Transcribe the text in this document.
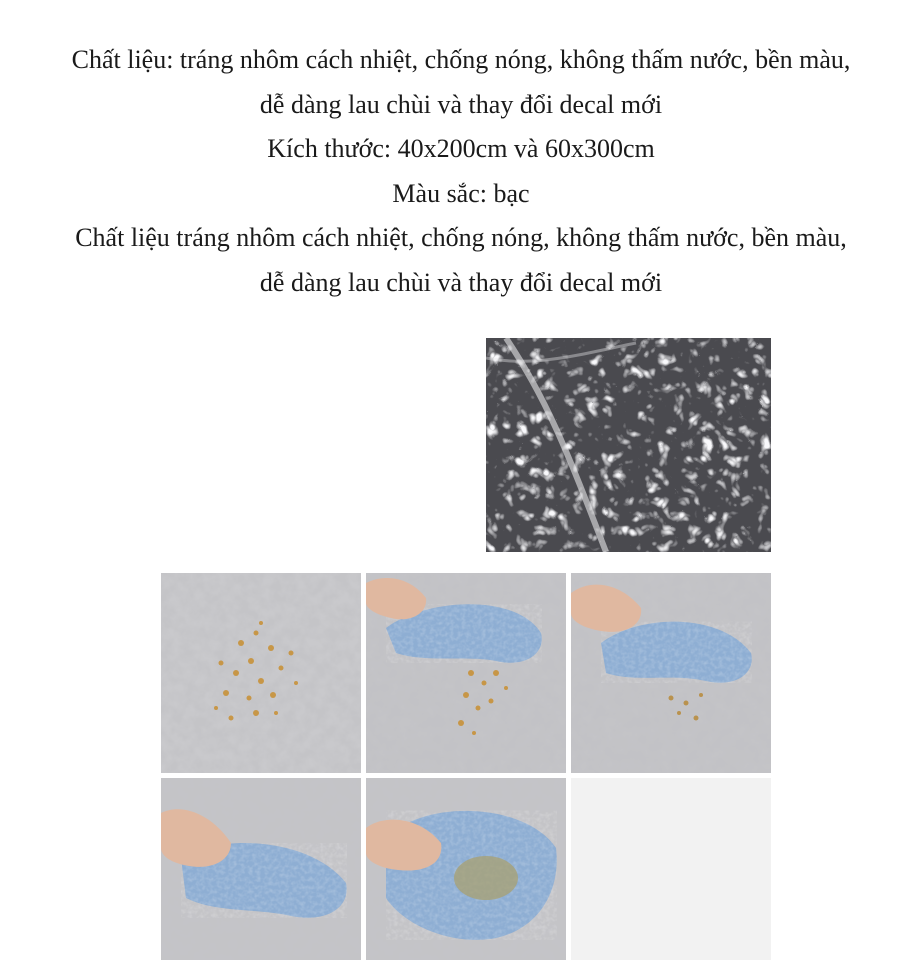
Chất liệu: tráng nhôm cách nhiệt, chống nóng, không thấm nước, bền màu,

dễ dàng lau chùi và thay đổi decal mới

Kích thước: 40x200cm và 60x300cm

Màu sắc: bạc

Chất liệu tráng nhôm cách nhiệt, chống nóng, không thấm nước, bền màu,

dễ dàng lau chùi và thay đổi decal mới
